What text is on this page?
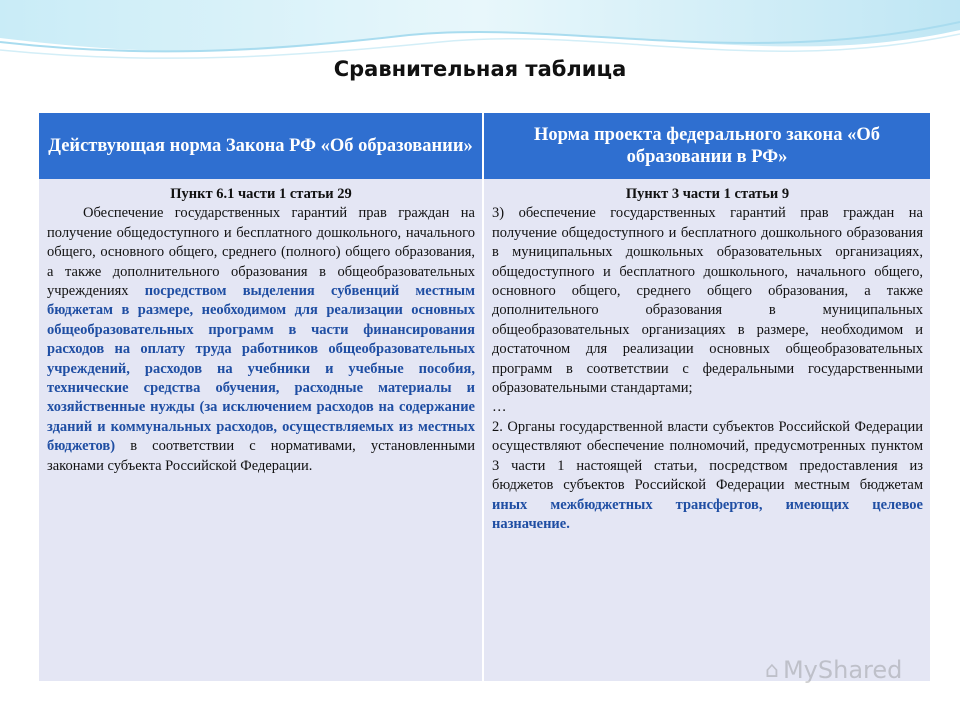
Сравнительная таблица
Действующая норма Закона РФ «Об образовании»
Норма проекта федерального закона «Об образовании в РФ»
Пункт 6.1 части 1 статьи 29

Обеспечение государственных гарантий прав граждан на получение общедоступного и бесплатного дошкольного, начального общего, основного общего, среднего (полного) общего образования, а также дополнительного образования в общеобразовательных учреждениях посредством выделения субвенций местным бюджетам в размере, необходимом для реализации основных общеобразовательных программ в части финансирования расходов на оплату труда работников общеобразовательных учреждений, расходов на учебники и учебные пособия, технические средства обучения, расходные материалы и хозяйственные нужды (за исключением расходов на содержание зданий и коммунальных расходов, осуществляемых из местных бюджетов) в соответствии с нормативами, установленными законами субъекта Российской Федерации.

Пункт 3 части 1 статьи 9

3) обеспечение государственных гарантий прав граждан на получение общедоступного и бесплатного дошкольного образования в муниципальных дошкольных образовательных организациях, общедоступного и бесплатного дошкольного, начального общего, основного общего, среднего общего образования, а также дополнительного образования в муниципальных общеобразовательных организациях в размере, необходимом и достаточном для реализации основных общеобразовательных программ в соответствии с федеральными государственными образовательными стандартами;

…

2. Органы государственной власти субъектов Российской Федерации осуществляют обеспечение полномочий, предусмотренных пунктом 3 части 1 настоящей статьи, посредством предоставления из бюджетов субъектов Российской Федерации местным бюджетам иных межбюджетных трансфертов, имеющих целевое назначение.

⌂ MyShared
